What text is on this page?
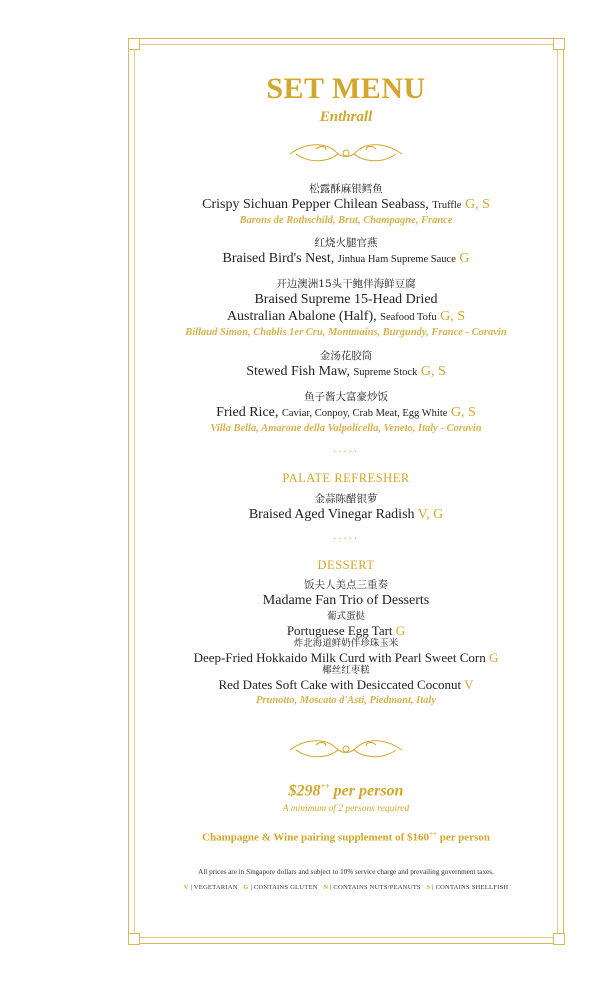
SET MENU
Enthrall
松露酥麻银鳕鱼
Crispy Sichuan Pepper Chilean Seabass, Truffle G, S
Barons de Rothschild, Brut, Champagne, France
红烧火腿官燕
Braised Bird's Nest, Jinhua Ham Supreme Sauce G
开边澳洲15头干鲍伴海鲜豆腐
Braised Supreme 15-Head Dried
Australian Abalone (Half), Seafood Tofu G, S
Billaud Simon, Chablis 1er Cru, Montmains, Burgundy, France - Coravin
金汤花胶筒
Stewed Fish Maw, Supreme Stock G, S
鱼子酱大富豪炒饭
Fried Rice, Caviar, Conpoy, Crab Meat, Egg White G, S
Villa Bella, Amarone della Valpolicella, Veneto, Italy - Coravin
.....
PALATE REFRESHER
金蒜陈醋银萝
Braised Aged Vinegar Radish V, G
.....
DESSERT
饭夫人美点三重奏
Madame Fan Trio of Desserts
葡式蛋挞
Portuguese Egg Tart G
炸北海道鲜奶伴珍珠玉米
Deep-Fried Hokkaido Milk Curd with Pearl Sweet Corn G
椰丝红枣糕
Red Dates Soft Cake with Desiccated Coconut V
Prunotto, Moscato d'Asti, Piedmont, Italy
$298++ per person
A minimum of 2 persons required
Champagne & Wine pairing supplement of $160++ per person
All prices are in Singapore dollars and subject to 10% service charge and prevailing government taxes.
V | VEGETARIAN G | CONTAINS GLUTEN N | CONTAINS NUTS/PEANUTS S | CONTAINS SHELLFISH
